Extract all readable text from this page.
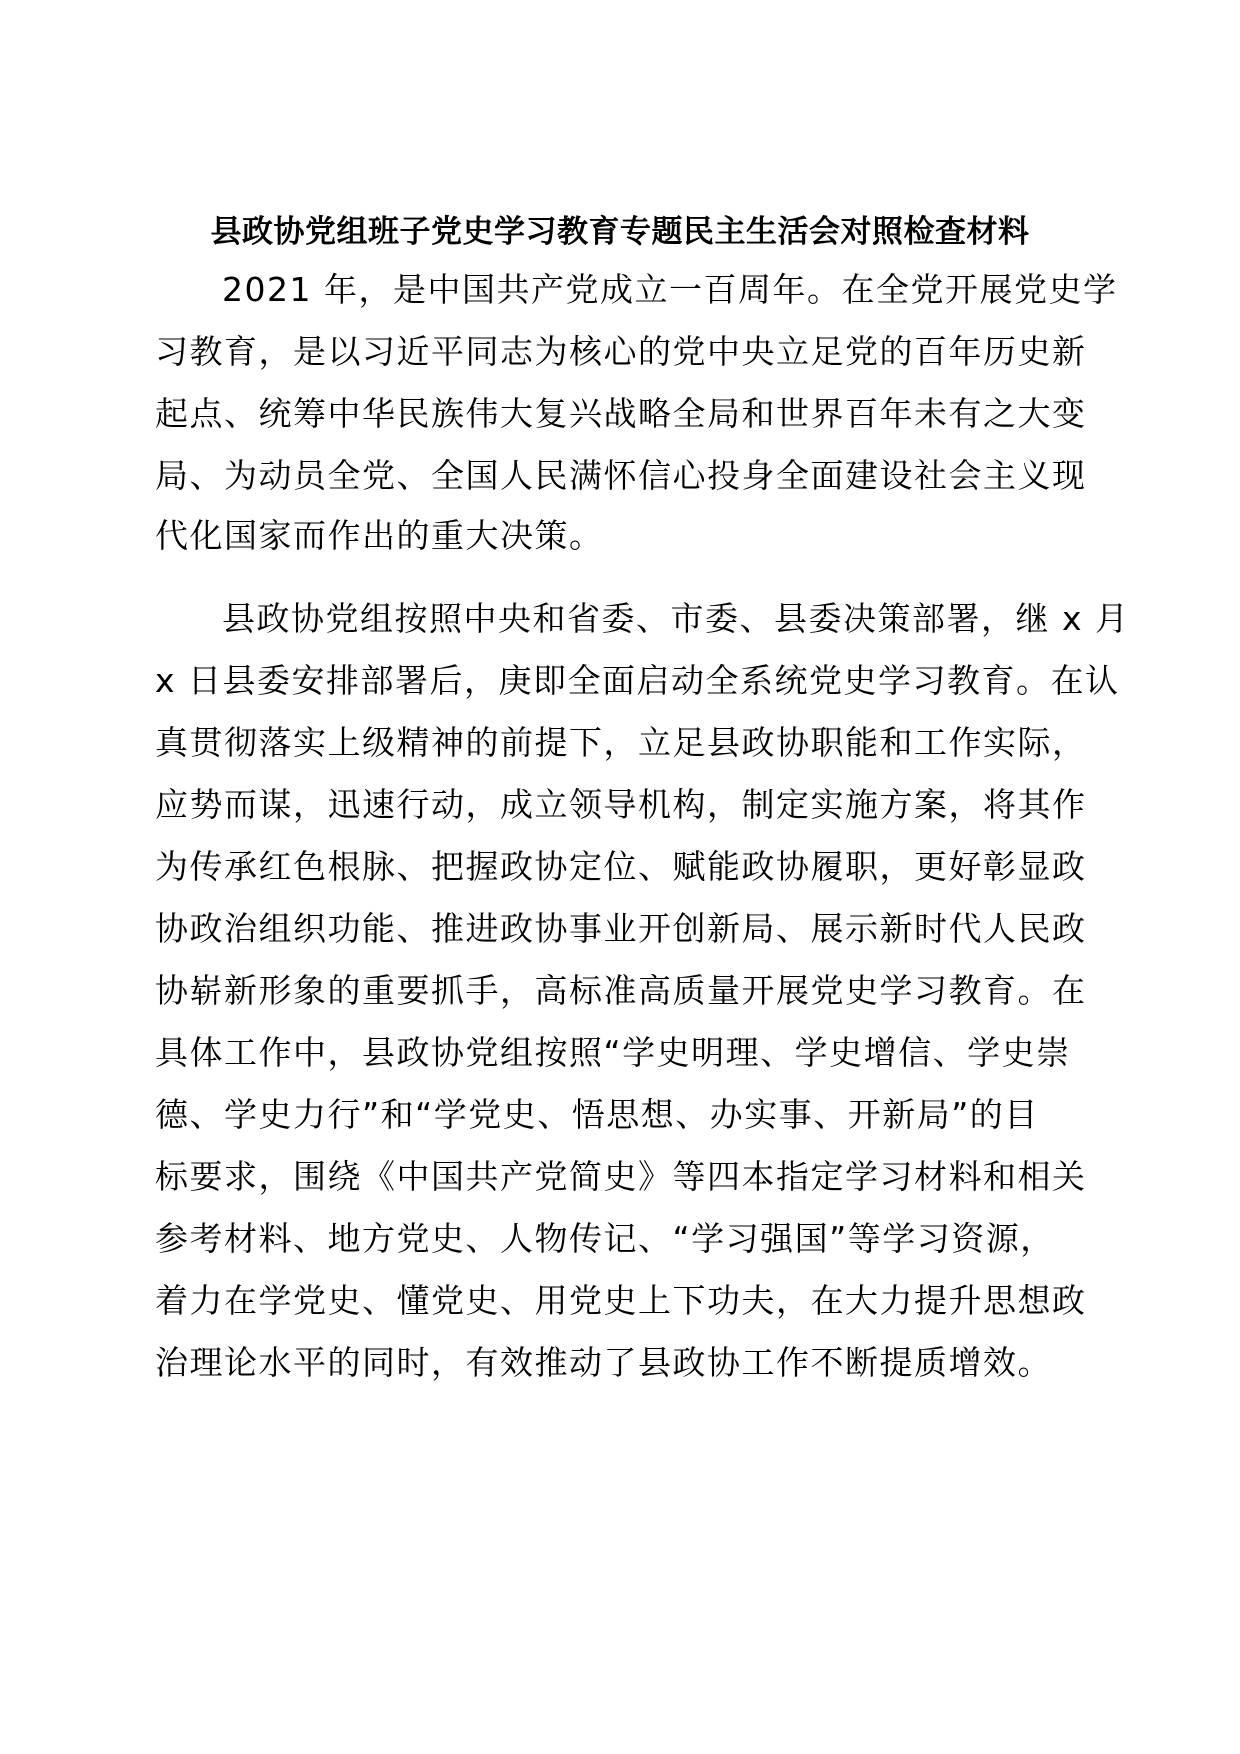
县政协党组班子党史学习教育专题民主生活会对照检查材料

2021 年，是中国共产党成立一百周年。在全党开展党史学

习教育，是以习近平同志为核心的党中央立足党的百年历史新

起点、统筹中华民族伟大复兴战略全局和世界百年未有之大变

局、为动员全党、全国人民满怀信心投身全面建设社会主义现

代化国家而作出的重大决策。

县政协党组按照中央和省委、市委、县委决策部署，继 x 月

x 日县委安排部署后，庚即全面启动全系统党史学习教育。在认

真贯彻落实上级精神的前提下，立足县政协职能和工作实际，

应势而谋，迅速行动，成立领导机构，制定实施方案，将其作

为传承红色根脉、把握政协定位、赋能政协履职，更好彰显政

协政治组织功能、推进政协事业开创新局、展示新时代人民政

协崭新形象的重要抓手，高标准高质量开展党史学习教育。在

具体工作中，县政协党组按照“学史明理、学史增信、学史崇

德、学史力行”和“学党史、悟思想、办实事、开新局”的目

标要求，围绕《中国共产党简史》等四本指定学习材料和相关

参考材料、地方党史、人物传记、“学习强国”等学习资源，

着力在学党史、懂党史、用党史上下功夫，在大力提升思想政

治理论水平的同时，有效推动了县政协工作不断提质增效。
